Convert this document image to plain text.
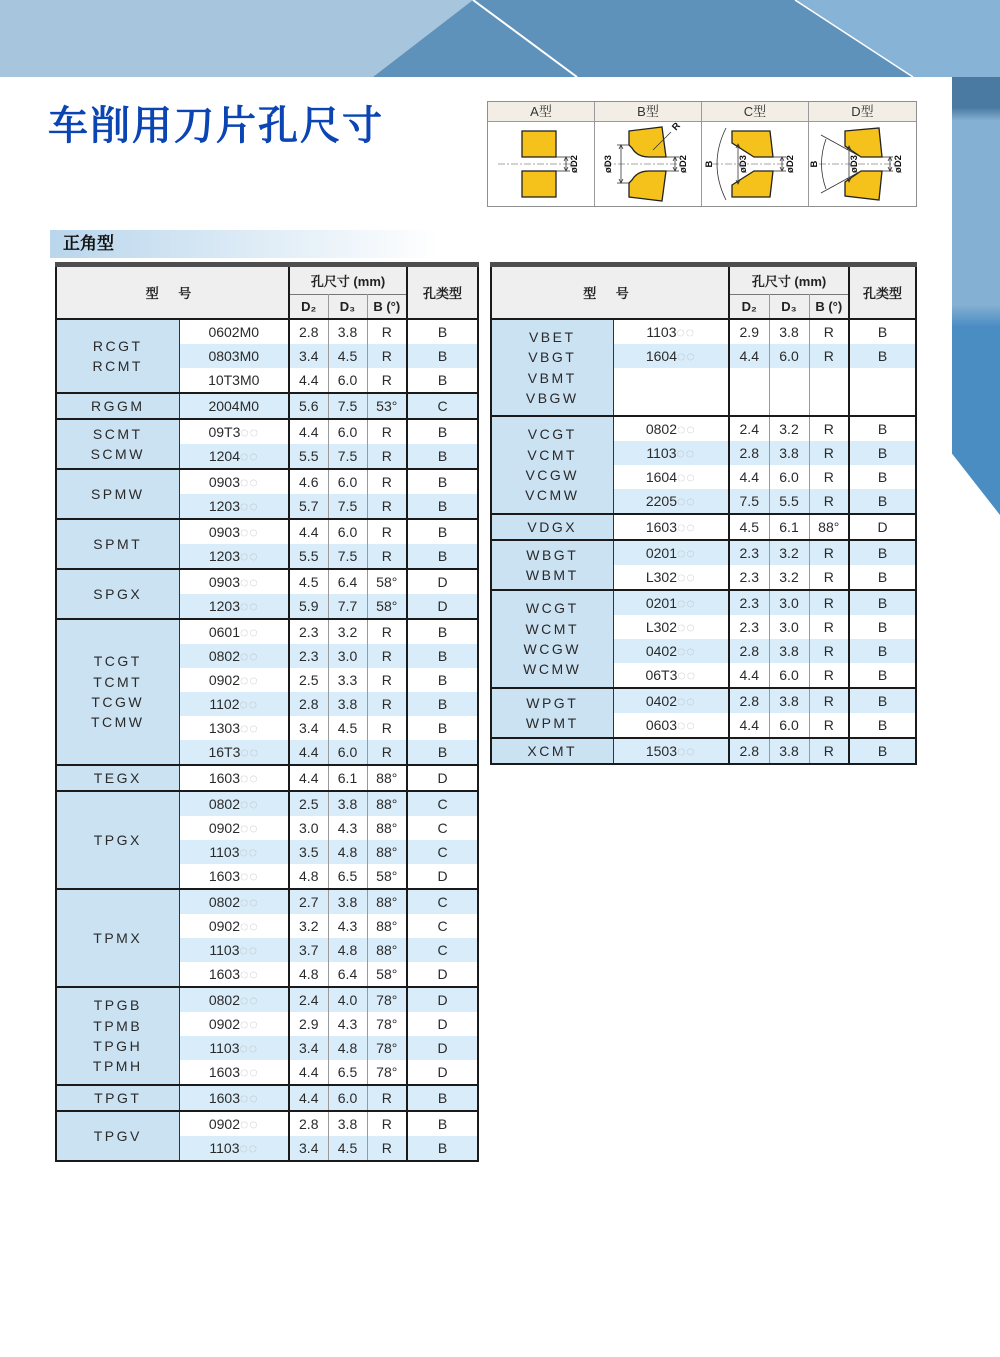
车削用刀片孔尺寸	A型	B型	C型	D型
øD2 øD3	øD2
R
B øD3	øD2 B	øD3	øD2
正角型
型 号		孔尺寸 (mm)			孔类型
		D₂	D₃	B (°)	
RCGT
RCMT	0602M0	2.8	3.8	R	B
	0803M0	3.4	4.5	R	B
	10T3M0	4.4	6.0	R	B
RGGM	2004M0	5.6	7.5	53°	C
SCMT
SCMW	09T3◌◌	4.4	6.0	R	B
	1204◌◌	5.5	7.5	R	B
SPMW	0903◌◌	4.6	6.0	R	B
	1203◌◌	5.7	7.5	R	B
SPMT	0903◌◌	4.4	6.0	R	B
	1203◌◌	5.5	7.5	R	B
SPGX	0903◌◌	4.5	6.4	58°	D
	1203◌◌	5.9	7.7	58°	D
TCGT
TCMT
TCGW
TCMW	0601◌◌	2.3	3.2	R	B
	0802◌◌	2.3	3.0	R	B
	0902◌◌	2.5	3.3	R	B
	1102◌◌	2.8	3.8	R	B
	1303◌◌	3.4	4.5	R	B
	16T3◌◌	4.4	6.0	R	B
TEGX	1603◌◌	4.4	6.1	88°	D
TPGX	0802◌◌	2.5	3.8	88°	C
	0902◌◌	3.0	4.3	88°	C
	1103◌◌	3.5	4.8	88°	C
	1603◌◌	4.8	6.5	58°	D
TPMX	0802◌◌	2.7	3.8	88°	C
	0902◌◌	3.2	4.3	88°	C
	1103◌◌	3.7	4.8	88°	C
	1603◌◌	4.8	6.4	58°	D
TPGB
TPMB
TPGH
TPMH	0802◌◌	2.4	4.0	78°	D
	0902◌◌	2.9	4.3	78°	D
	1103◌◌	3.4	4.8	78°	D
	1603◌◌	4.4	6.5	78°	D
TPGT	1603◌◌	4.4	6.0	R	B
TPGV	0902◌◌	2.8	3.8	R	B
	1103◌◌	3.4	4.5	R	B
型 号		孔尺寸 (mm)			孔类型
		D₂	D₃	B (°)	
VBET
VBGT
VBMT
VBGW	1103◌◌	2.9	3.8	R	B
	1604◌◌	4.4	6.0	R	B

VCGT
VCMT
VCGW
VCMW	0802◌◌	2.4	3.2	R	B
	1103◌◌	2.8	3.8	R	B
	1604◌◌	4.4	6.0	R	B
	2205◌◌	7.5	5.5	R	B
VDGX	1603◌◌	4.5	6.1	88°	D
WBGT
WBMT	0201◌◌	2.3	3.2	R	B
	L302◌◌	2.3	3.2	R	B
WCGT
WCMT
WCGW
WCMW	0201◌◌	2.3	3.0	R	B
	L302◌◌	2.3	3.0	R	B
	0402◌◌	2.8	3.8	R	B
	06T3◌◌	4.4	6.0	R	B
WPGT
WPMT	0402◌◌	2.8	3.8	R	B
	0603◌◌	4.4	6.0	R	B
XCMT	1503◌◌	2.8	3.8	R	B
